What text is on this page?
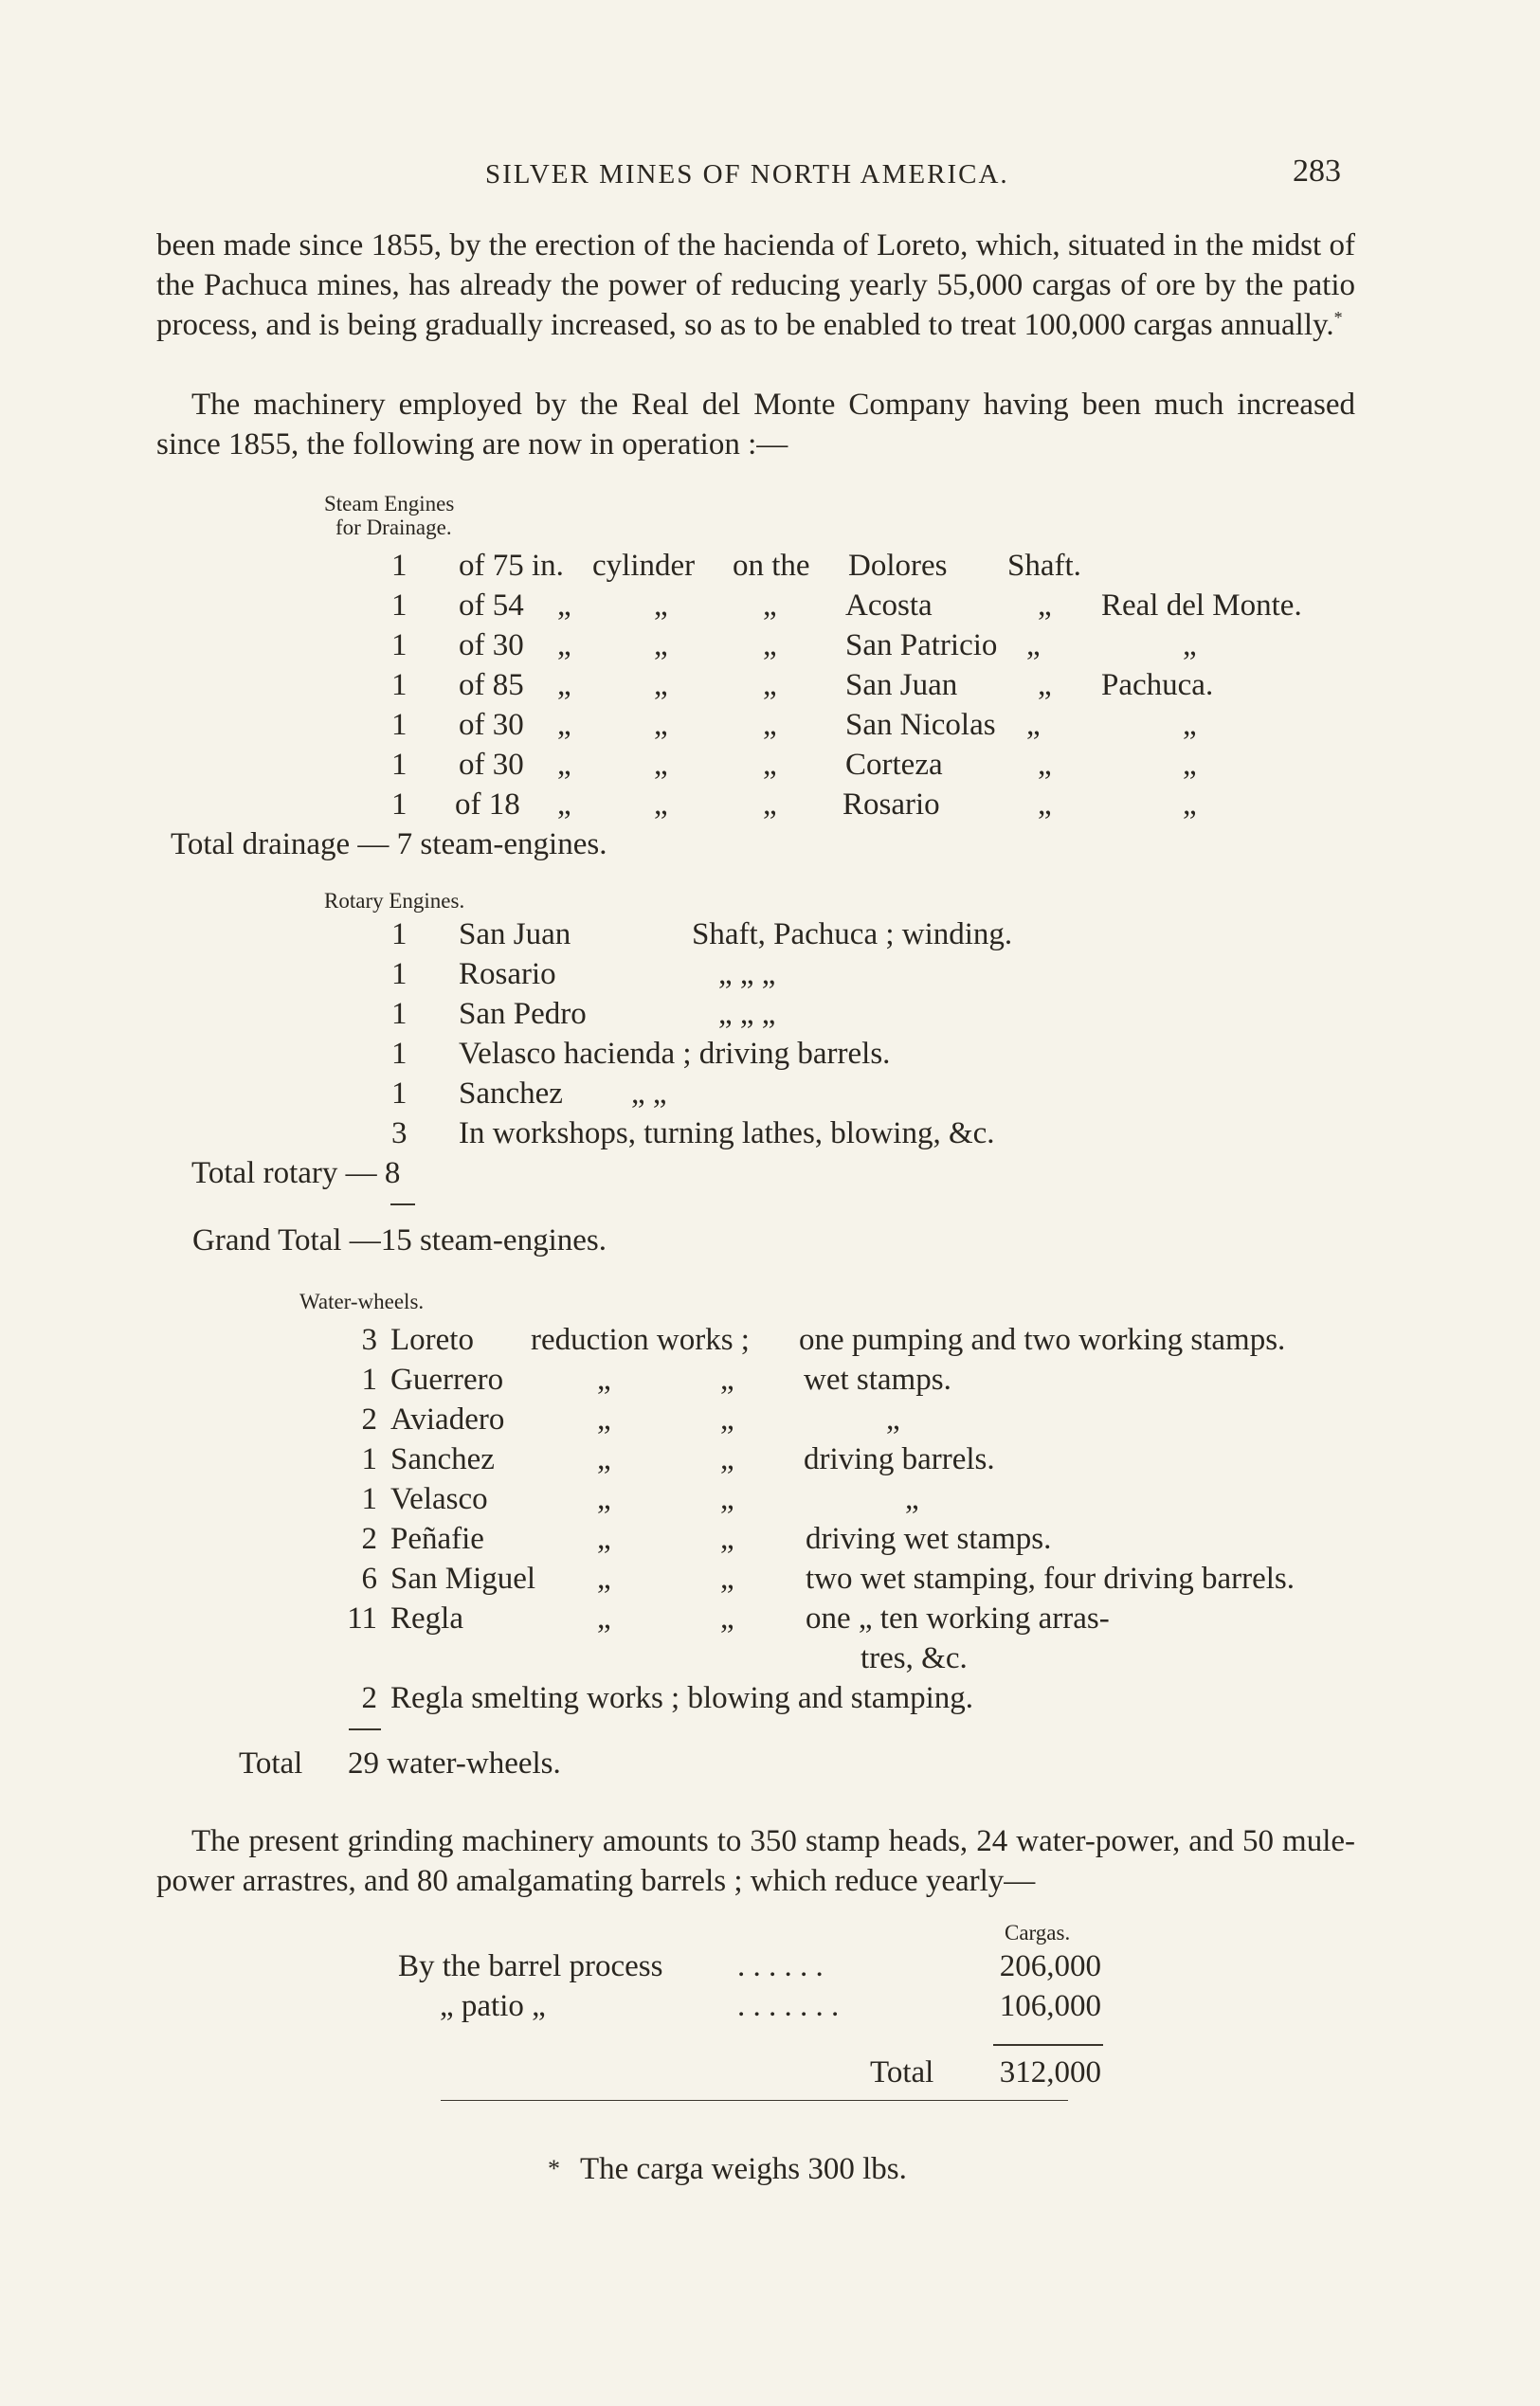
SILVER MINES OF NORTH AMERICA.	283
been made since 1855, by the erection of the hacienda of Loreto, which, situated in the midst of the Pachuca mines, has already the power of reducing yearly 55,000 cargas of ore by the patio process, and is being gradually increased, so as to be enabled to treat 100,000 cargas annually.*
The machinery employed by the Real del Monte Company having been much increased since 1855, the following are now in operation :—
Steam Engines
for Drainage.
1 of 75 in. cylinder on the Dolores Shaft.
1 of 54 „	„	„ Acosta	„ Real del Monte.
1 of 30 „	„	„ San Patricio „	„
1 of 85 „	„	„ San Juan	„ Pachuca.
1 of 30 „	„	„ San Nicolas „	„
1 of 30 „	„	„ Corteza	„	„
1 of 18 „	„	„ Rosario	„	„
Total drainage — 7 steam-engines.
Rotary Engines.
1 San Juan	Shaft, Pachuca ; winding.
1 Rosario	„ „ „
1 San Pedro	„ „ „
1 Velasco hacienda ; driving barrels.
1 Sanchez „ „
3 In workshops, turning lathes, blowing, &c.
Total rotary — 8
Grand Total —15 steam-engines.
Water-wheels.
3 Loreto reduction works ; one pumping and two working stamps.
1 Guerrero	„	„ wet stamps.
2 Aviadero	„	„	„
1 Sanchez	„	„ driving barrels.
1 Velasco	„	„	„
2 Peñafie	„	„ driving wet stamps.
6 San Miguel „	„ two wet stamping, four driving barrels.
11 Regla	„	„ one „ ten working arras-
tres, &c.
2 Regla smelting works ; blowing and stamping.
Total 29 water-wheels.
The present grinding machinery amounts to 350 stamp heads, 24 water-power, and 50 mule-power arrastres, and 80 amalgamating barrels ; which reduce yearly—
Cargas.
By the barrel process . . . . . .	206,000
„ patio „	. . . . . . .	106,000
Total 312,000
* The carga weighs 300 lbs.
